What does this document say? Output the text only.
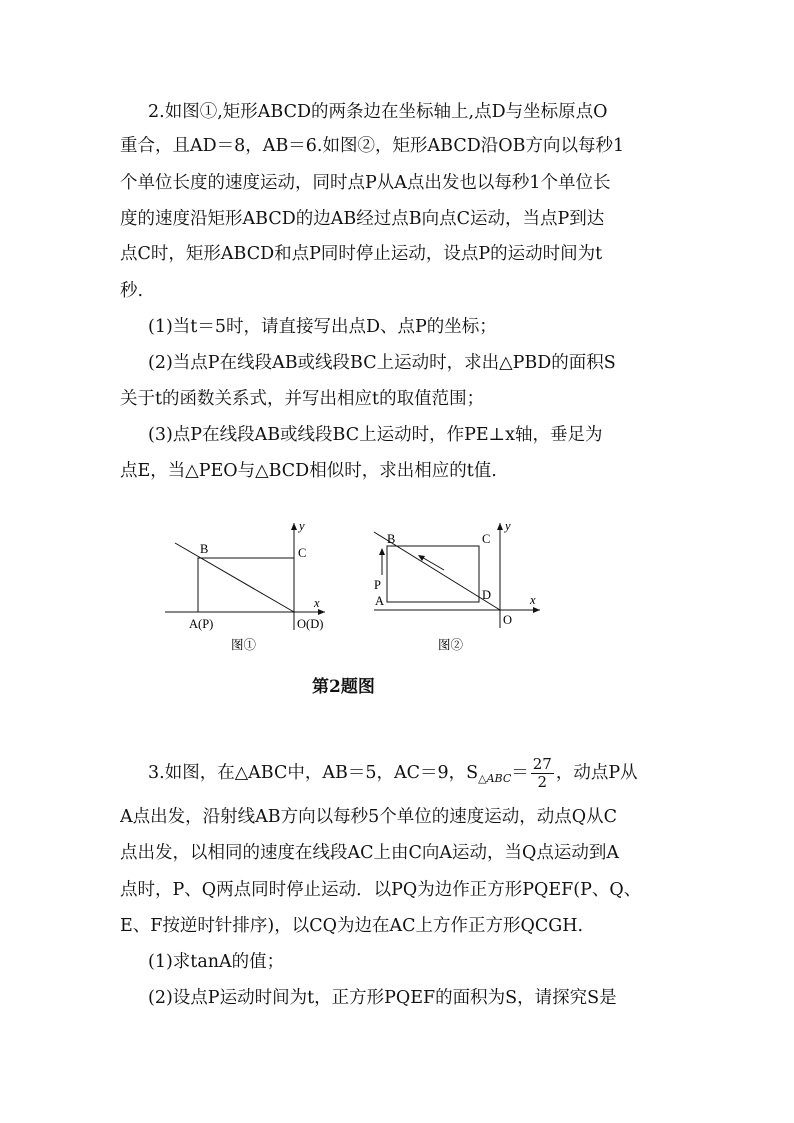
2.如图①,矩形ABCD的两条边在坐标轴上,点D与坐标原点O
重合，且AD＝8，AB＝6.如图②，矩形ABCD沿OB方向以每秒1
个单位长度的速度运动，同时点P从A点出发也以每秒1个单位长
度的速度沿矩形ABCD的边AB经过点B向点C运动，当点P到达
点C时，矩形ABCD和点P同时停止运动，设点P的运动时间为t
秒.
(1)当t＝5时，请直接写出点D、点P的坐标；
(2)当点P在线段AB或线段BC上运动时，求出△PBD的面积S
关于t的函数关系式，并写出相应t的取值范围；
(3)点P在线段AB或线段BC上运动时，作PE⊥x轴，垂足为
点E，当△PEO与△BCD相似时，求出相应的t值.
B	C
A(P)	O(D)
x
y
图①
B	C
P
A	D
O
x
y
图②
第2题图
3.如图，在△ABC中，AB＝5，AC＝9，$S_{\triangle ABC}= \frac{27}{2}$ ，动点P从
A点出发，沿射线AB方向以每秒5个单位的速度运动，动点Q从C
点出发，以相同的速度在线段AC上由C向A运动，当Q点运动到A
点时，P、Q两点同时停止运动．以PQ为边作正方形PQEF(P、Q、
E、F按逆时针排序)，以CQ为边在AC上方作正方形QCGH.
(1)求tanA的值；
(2)设点P运动时间为t，正方形PQEF的面积为S，请探究S是
